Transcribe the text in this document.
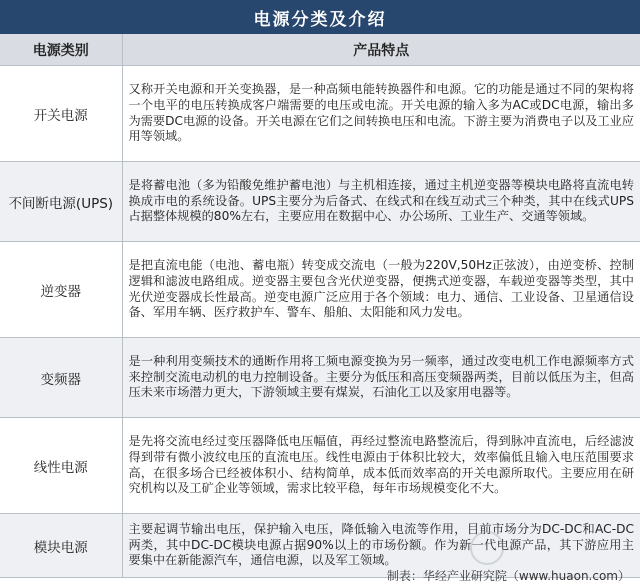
电源分类及介绍
电源类别	产品特点
开关电源	又称开关电源和开关变换器，是一种高频电能转换器件和电源。它的功能是通过不同的架构将一个电平的电压转换成客户端需要的电压或电流。开关电源的输入多为AC或DC电源，输出多为需要DC电源的设备。开关电源在它们之间转换电压和电流。下游主要为消费电子以及工业应用等领域。
不间断电源(UPS)	是将蓄电池（多为铅酸免维护蓄电池）与主机相连接，通过主机逆变器等模块电路将直流电转换成市电的系统设备。UPS主要分为后备式、在线式和在线互动式三个种类，其中在线式UPS占据整体规模的80%左右，主要应用在数据中心、办公场所、工业生产、交通等领域。
逆变器	是把直流电能（电池、蓄电瓶）转变成交流电（一般为220V,50Hz正弦波），由逆变桥、控制逻辑和滤波电路组成。逆变器主要包含光伏逆变器，便携式逆变器，车载逆变器等类型，其中光伏逆变器成长性最高。逆变电源广泛应用于各个领域：电力、通信、工业设备、卫星通信设备、军用车辆、医疗救护车、警车、船舶、太阳能和风力发电。
变频器	是一种利用变频技术的通断作用将工频电源变换为另一频率，通过改变电机工作电源频率方式来控制交流电动机的电力控制设备。主要分为低压和高压变频器两类，目前以低压为主，但高压未来市场潜力更大，下游领域主要有煤炭，石油化工以及家用电器等。
线性电源	是先将交流电经过变压器降低电压幅值，再经过整流电路整流后，得到脉冲直流电，后经滤波得到带有微小波纹电压的直流电压。线性电源由于体积比较大，效率偏低且输入电压范围要求高，在很多场合已经被体积小、结构简单，成本低而效率高的开关电源所取代。主要应用在研究机构以及工矿企业等领域，需求比较平稳，每年市场规模变化不大。
模块电源	主要起调节输出电压，保护输入电压，降低输入电流等作用，目前市场分为DC-DC和AC-DC两类，其中DC-DC模块电源占据90%以上的市场份额。作为新一代电源产品，其下游应用主要集中在新能源汽车，通信电源，以及军工领域。
制表：华经产业研究院（www.huaon.com）
